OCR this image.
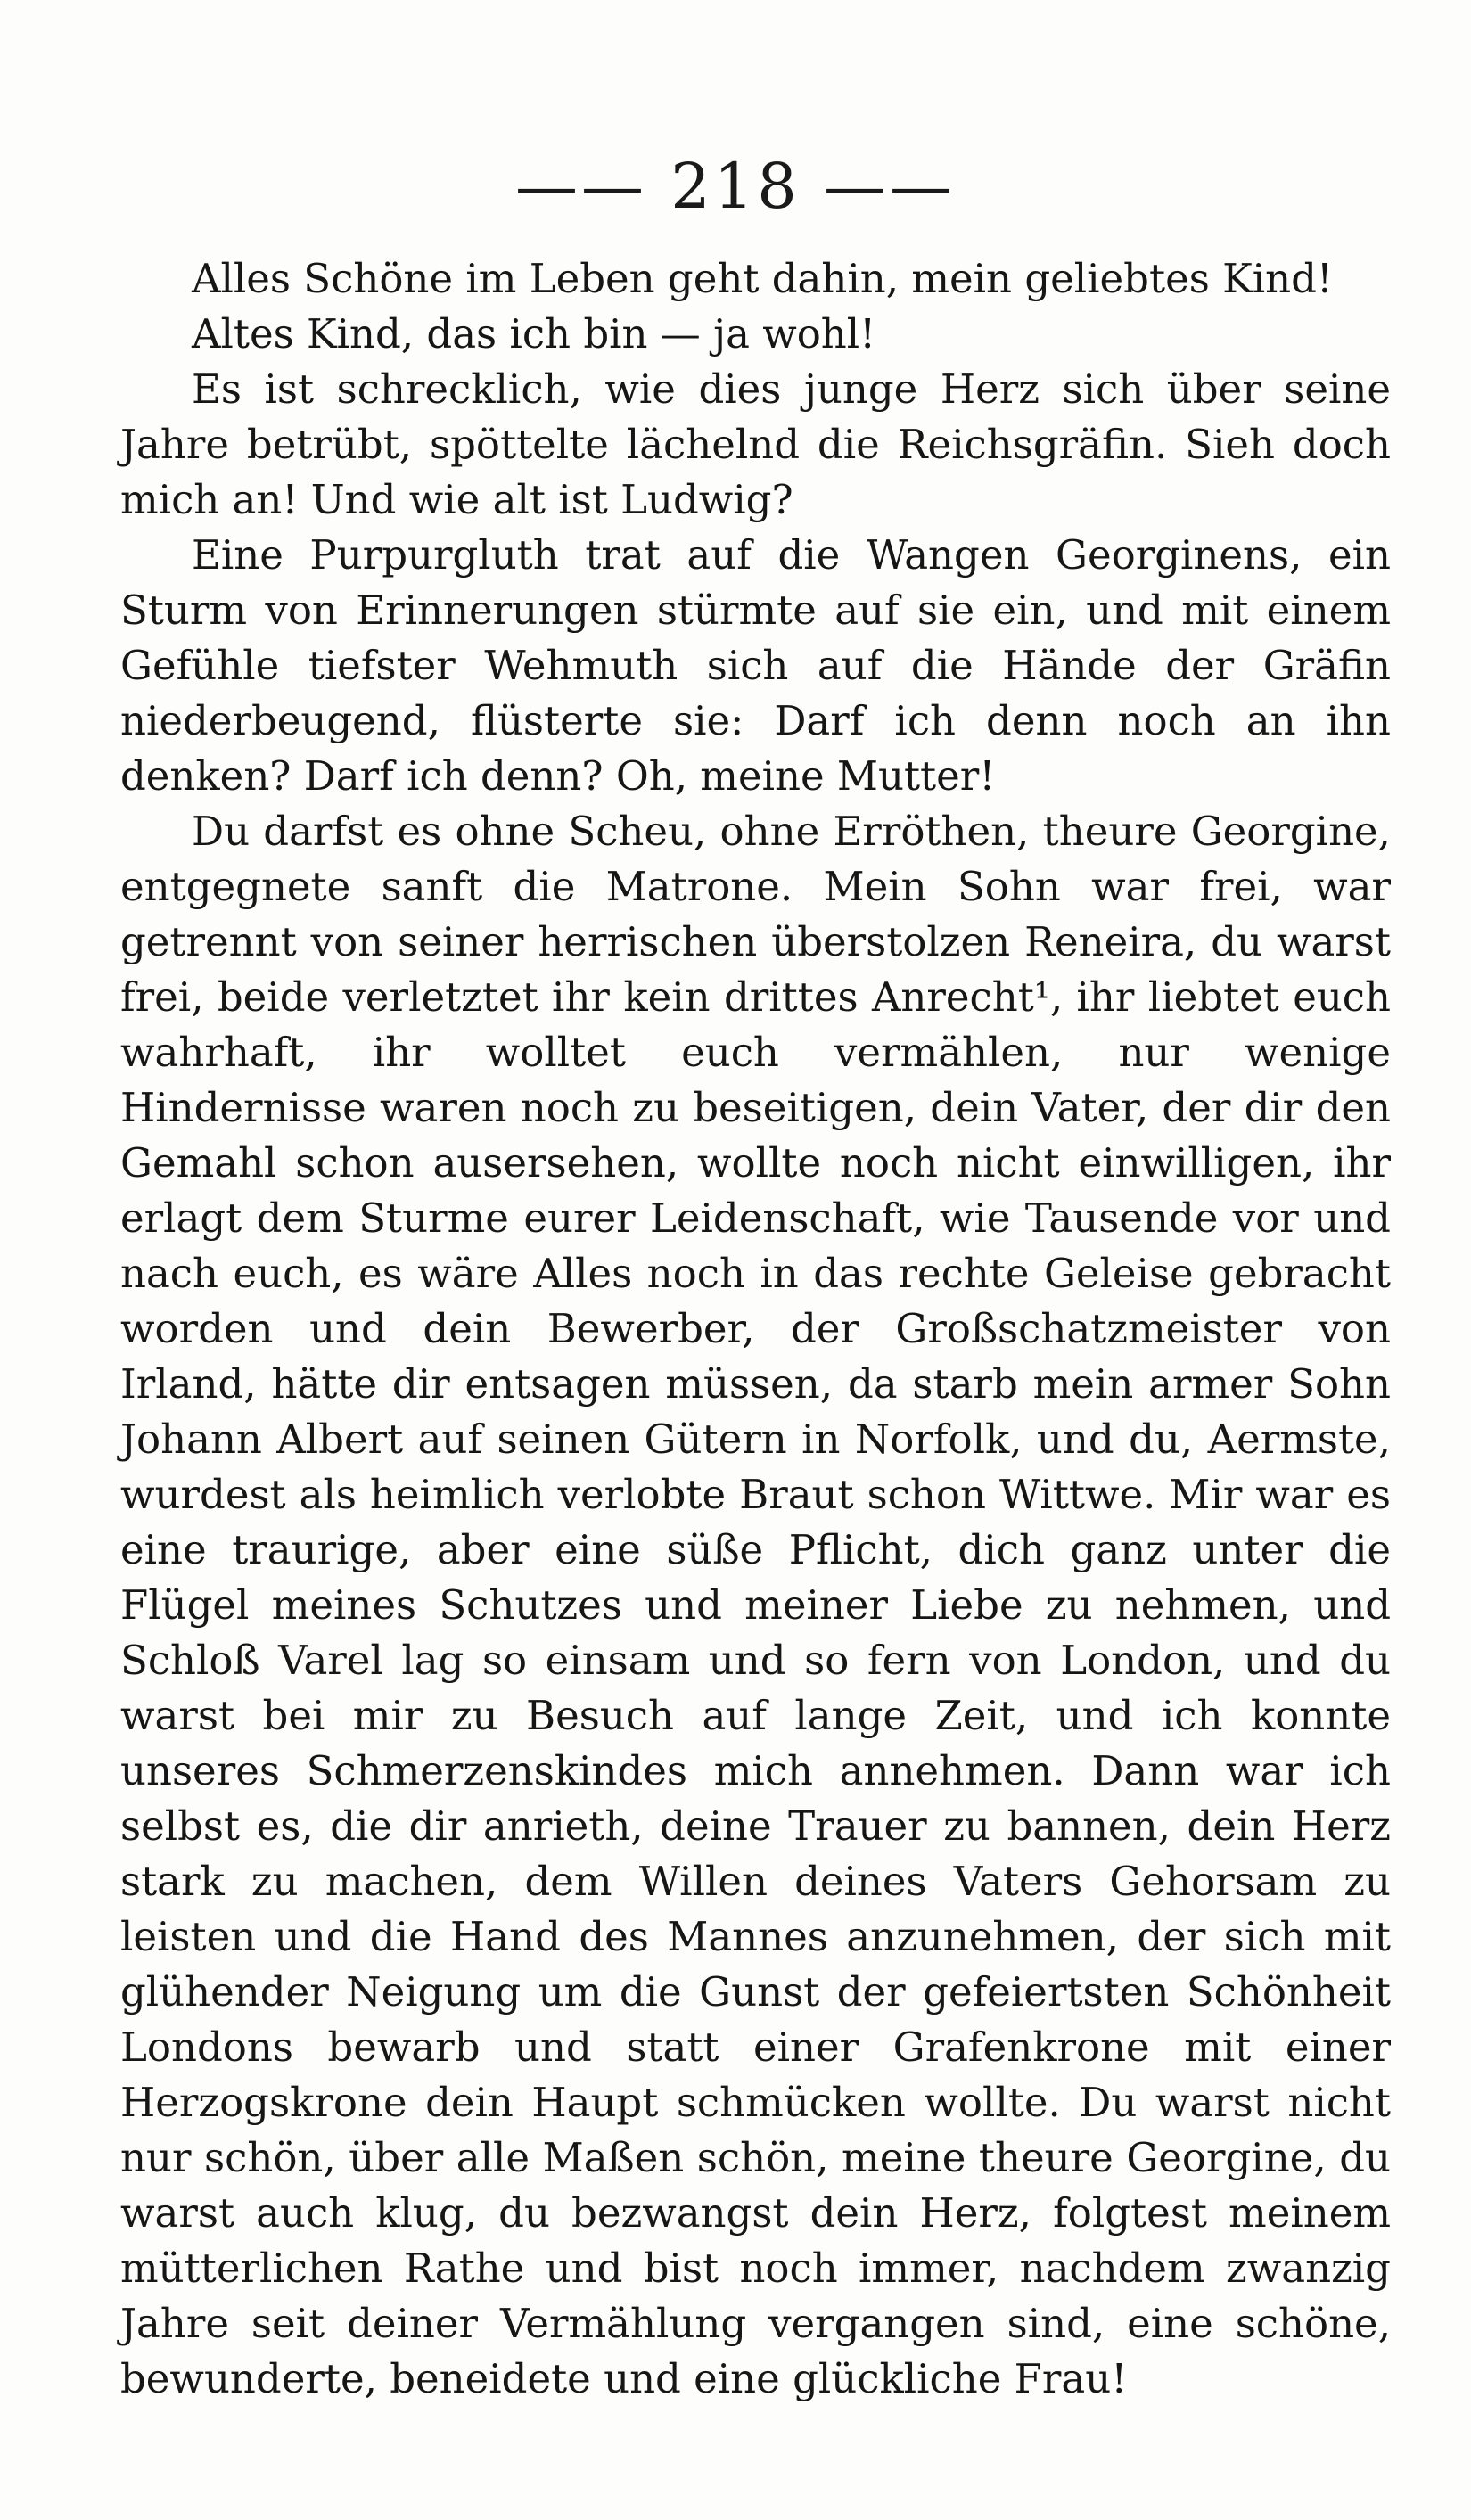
—— 218 ——

Alles Schöne im Leben geht dahin, mein geliebtes Kind!

Altes Kind, das ich bin — ja wohl!

Es ist schrecklich, wie dies junge Herz sich über seine Jahre betrübt, spöttelte lächelnd die Reichsgräfin. Sieh doch mich an! Und wie alt ist Ludwig?

Eine Purpurgluth trat auf die Wangen Georginens, ein Sturm von Erinnerungen stürmte auf sie ein, und mit einem Gefühle tiefster Wehmuth sich auf die Hände der Gräfin niederbeugend, flüsterte sie: Darf ich denn noch an ihn denken? Darf ich denn? Oh, meine Mutter!

Du darfst es ohne Scheu, ohne Erröthen, theure Georgine, entgegnete sanft die Matrone. Mein Sohn war frei, war getrennt von seiner herrischen überstolzen Reneira, du warst frei, beide verletztet ihr kein drittes Anrecht¹, ihr liebtet euch wahrhaft, ihr wolltet euch vermählen, nur wenige Hindernisse waren noch zu beseitigen, dein Vater, der dir den Gemahl schon ausersehen, wollte noch nicht einwilligen, ihr erlagt dem Sturme eurer Leidenschaft, wie Tausende vor und nach euch, es wäre Alles noch in das rechte Geleise gebracht worden und dein Bewerber, der Großschatzmeister von Irland, hätte dir entsagen müssen, da starb mein armer Sohn Johann Albert auf seinen Gütern in Norfolk, und du, Aermste, wurdest als heimlich verlobte Braut schon Wittwe. Mir war es eine traurige, aber eine süße Pflicht, dich ganz unter die Flügel meines Schutzes und meiner Liebe zu nehmen, und Schloß Varel lag so einsam und so fern von London, und du warst bei mir zu Besuch auf lange Zeit, und ich konnte unseres Schmerzenskindes mich annehmen. Dann war ich selbst es, die dir anrieth, deine Trauer zu bannen, dein Herz stark zu machen, dem Willen deines Vaters Gehorsam zu leisten und die Hand des Mannes anzunehmen, der sich mit glühender Neigung um die Gunst der gefeiertsten Schönheit Londons bewarb und statt einer Grafenkrone mit einer Herzogskrone dein Haupt schmücken wollte. Du warst nicht nur schön, über alle Maßen schön, meine theure Georgine, du warst auch klug, du bezwangst dein Herz, folgtest meinem mütterlichen Rathe und bist noch immer, nachdem zwanzig Jahre seit deiner Vermählung vergangen sind, eine schöne, bewunderte, beneidete und eine glückliche Frau!
